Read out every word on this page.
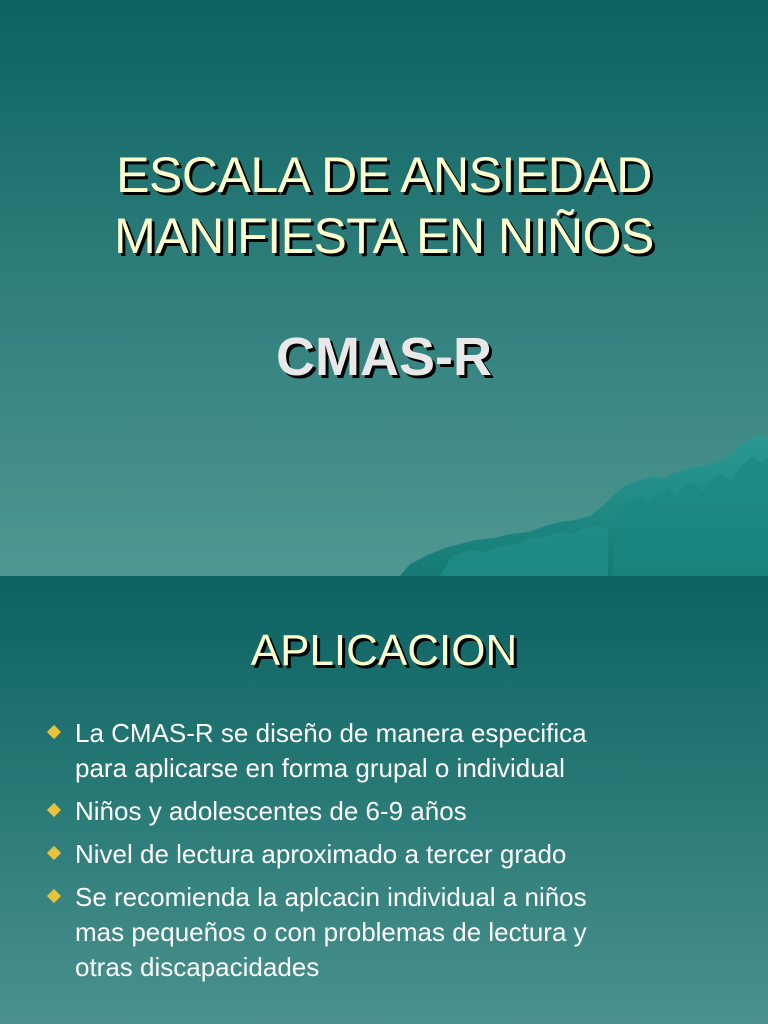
ESCALA DE ANSIEDAD
MANIFIESTA EN NIÑOS
CMAS-R
APLICACION
La CMAS-R se diseño de manera especifica
para aplicarse en forma grupal o individual
Niños y adolescentes de 6-9 años
Nivel de lectura aproximado a tercer grado
Se recomienda la aplcacin individual a niños
mas pequeños o con problemas de lectura y
otras discapacidades
